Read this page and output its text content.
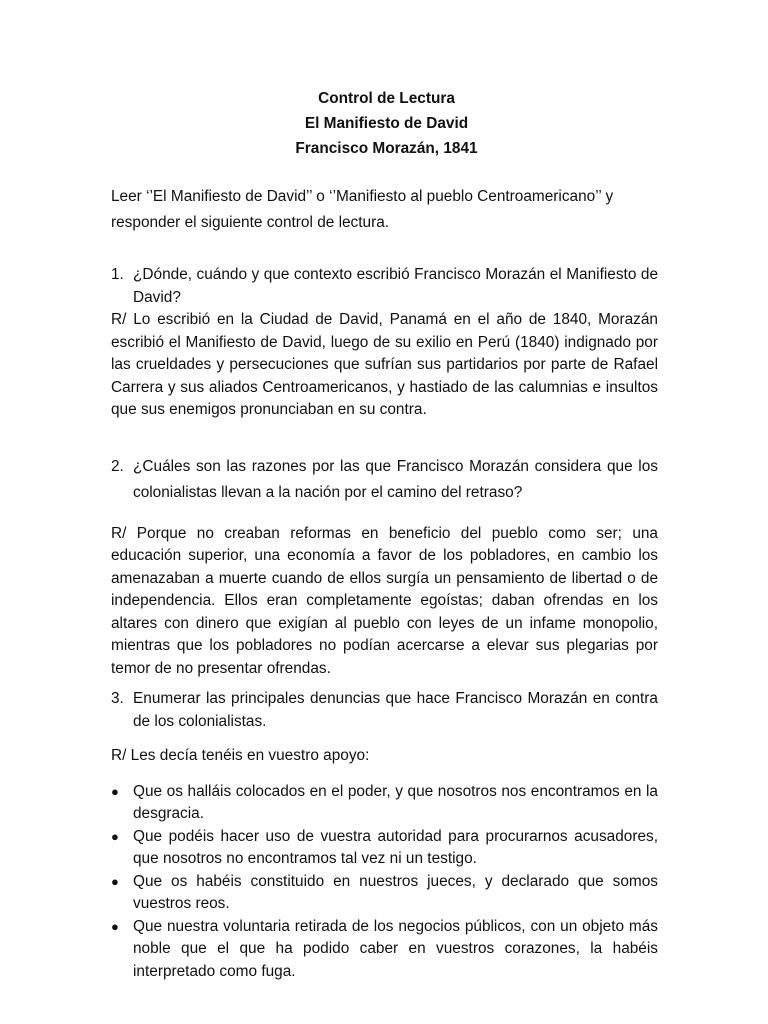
Control de Lectura
El Manifiesto de David
Francisco Morazán, 1841
Leer ‘’El Manifiesto de David’’ o ‘’Manifiesto al pueblo Centroamericano’’ y responder el siguiente control de lectura.
1. ¿Dónde, cuándo y que contexto escribió Francisco Morazán el Manifiesto de David?
R/ Lo escribió en la Ciudad de David, Panamá en el año de 1840, Morazán escribió el Manifiesto de David, luego de su exilio en Perú (1840) indignado por las crueldades y persecuciones que sufrían sus partidarios por parte de Rafael Carrera y sus aliados Centroamericanos, y hastiado de las calumnias e insultos que sus enemigos pronunciaban en su contra.
2. ¿Cuáles son las razones por las que Francisco Morazán considera que los colonialistas llevan a la nación por el camino del retraso?
R/ Porque no creaban reformas en beneficio del pueblo como ser; una educación superior, una economía a favor de los pobladores, en cambio los amenazaban a muerte cuando de ellos surgía un pensamiento de libertad o de independencia. Ellos eran completamente egoístas; daban ofrendas en los altares con dinero que exigían al pueblo con leyes de un infame monopolio, mientras que los pobladores no podían acercarse a elevar sus plegarias por temor de no presentar ofrendas.
3. Enumerar las principales denuncias que hace Francisco Morazán en contra de los colonialistas.
R/ Les decía tenéis en vuestro apoyo:
● Que os halláis colocados en el poder, y que nosotros nos encontramos en la desgracia.
● Que podéis hacer uso de vuestra autoridad para procurarnos acusadores, que nosotros no encontramos tal vez ni un testigo.
● Que os habéis constituido en nuestros jueces, y declarado que somos vuestros reos.
● Que nuestra voluntaria retirada de los negocios públicos, con un objeto más noble que el que ha podido caber en vuestros corazones, la habéis interpretado como fuga.
